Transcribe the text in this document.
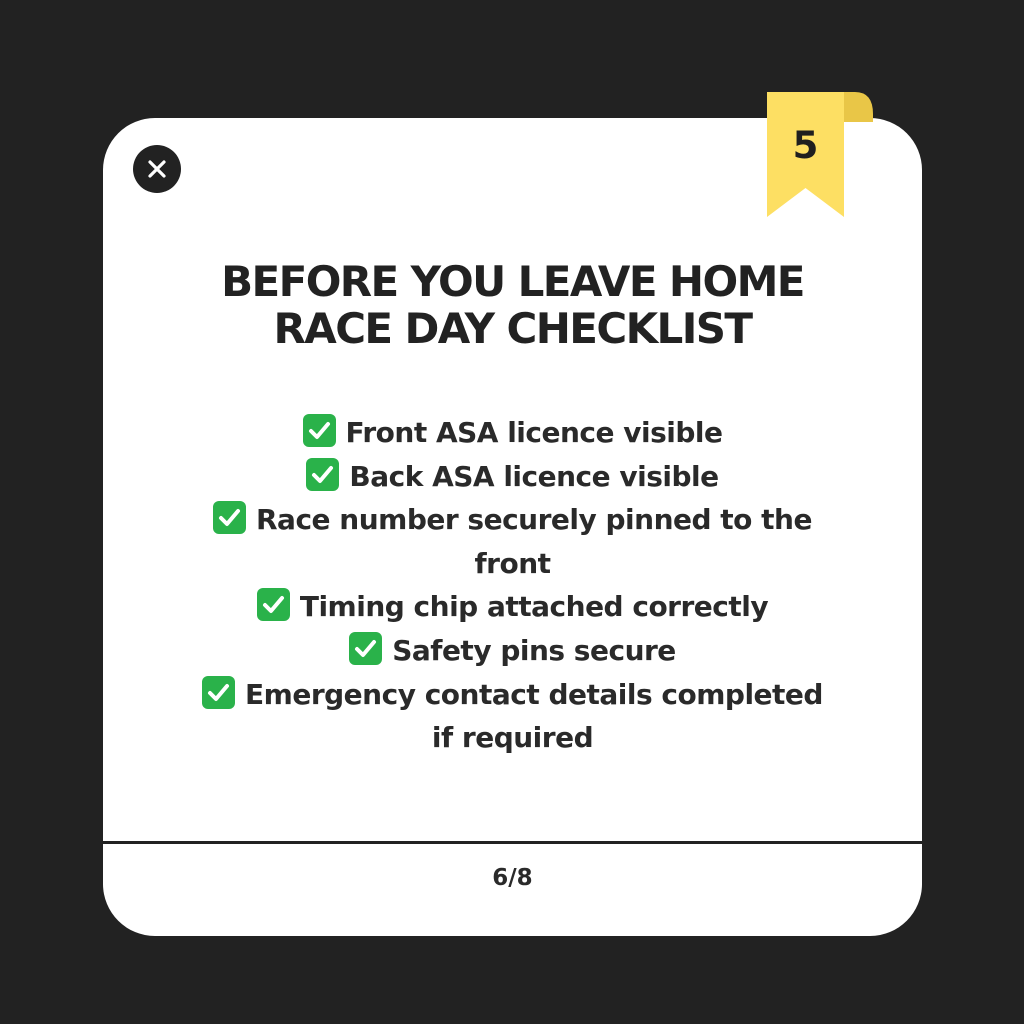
5
BEFORE YOU LEAVE HOME
RACE DAY CHECKLIST
Front ASA licence visible
Back ASA licence visible
Race number securely pinned to the front
Timing chip attached correctly
Safety pins secure
Emergency contact details completed if required
6/8
